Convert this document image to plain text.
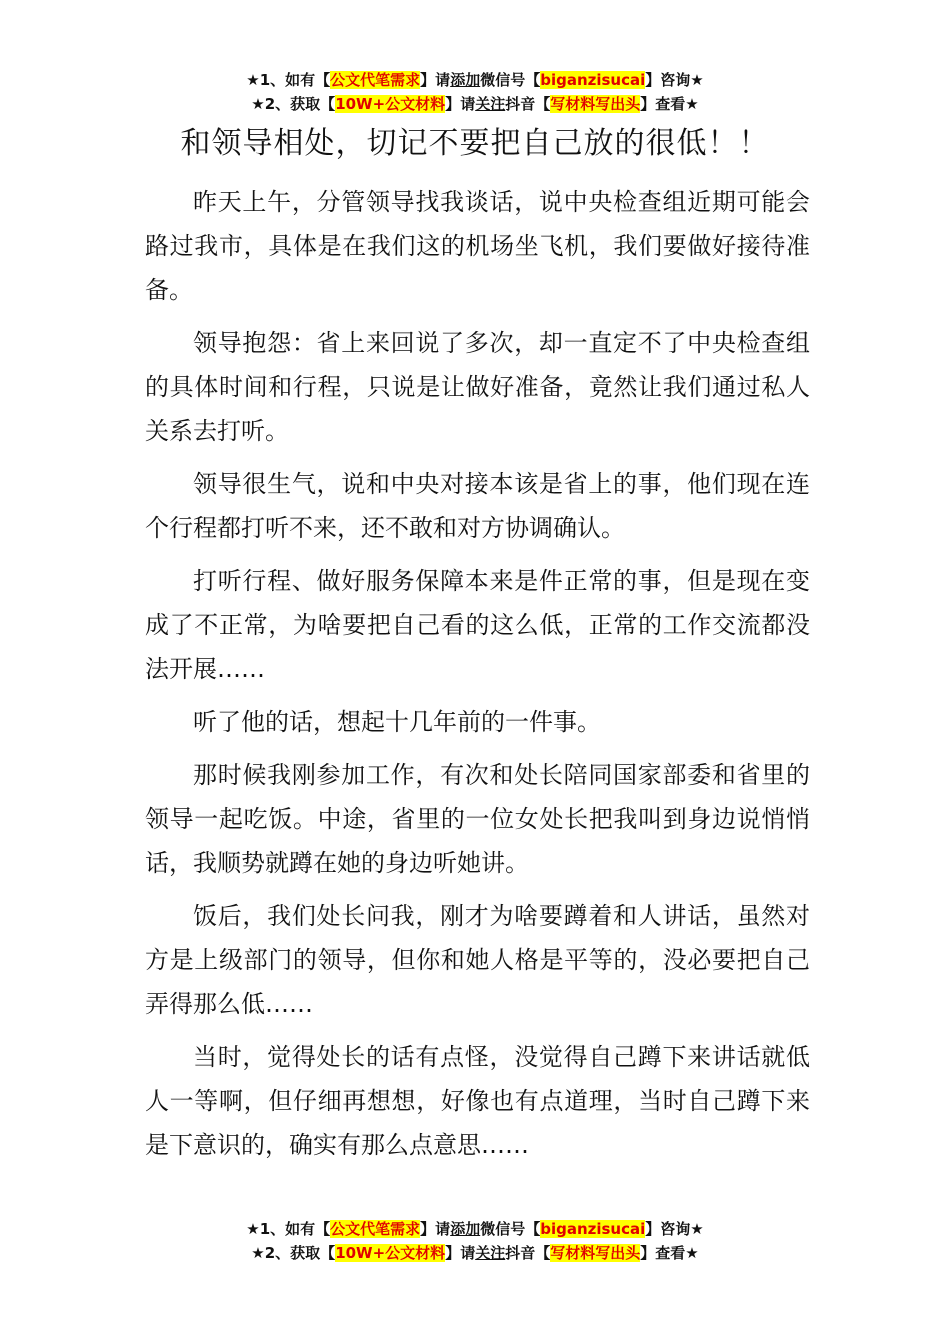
★1、如有【公文代笔需求】请添加微信号【biganzisucai】咨询★
★2、获取【10W+公文材料】请关注抖音【写材料写出头】查看★
和领导相处，切记不要把自己放的很低！！

昨天上午，分管领导找我谈话，说中央检查组近期可能会路过我市，具体是在我们这的机场坐飞机，我们要做好接待准备。

领导抱怨：省上来回说了多次，却一直定不了中央检查组的具体时间和行程，只说是让做好准备，竟然让我们通过私人关系去打听。

领导很生气，说和中央对接本该是省上的事，他们现在连个行程都打听不来，还不敢和对方协调确认。

打听行程、做好服务保障本来是件正常的事，但是现在变成了不正常，为啥要把自己看的这么低，正常的工作交流都没法开展……

听了他的话，想起十几年前的一件事。

那时候我刚参加工作，有次和处长陪同国家部委和省里的领导一起吃饭。中途，省里的一位女处长把我叫到身边说悄悄话，我顺势就蹲在她的身边听她讲。

饭后，我们处长问我，刚才为啥要蹲着和人讲话，虽然对方是上级部门的领导，但你和她人格是平等的，没必要把自己弄得那么低……

当时，觉得处长的话有点怪，没觉得自己蹲下来讲话就低人一等啊，但仔细再想想，好像也有点道理，当时自己蹲下来是下意识的，确实有那么点意思……

★1、如有【公文代笔需求】请添加微信号【biganzisucai】咨询★
★2、获取【10W+公文材料】请关注抖音【写材料写出头】查看★
